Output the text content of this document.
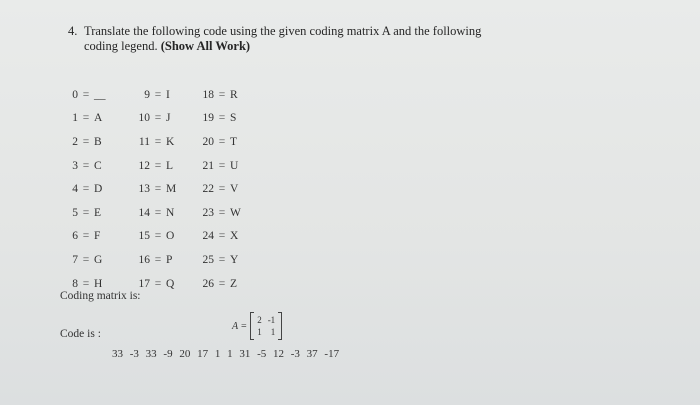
4. Translate the following code using the given coding matrix A and the following
coding legend. (Show All Work)
0 = __
1 = A
2 = B
3 = C
4 = D
5 = E
6 = F
7 = G
8 = H
9 = I
10 = J
11 = K
12 = L
13 = M
14 = N
15 = O
16 = P
17 = Q
18 = R
19 = S
20 = T
21 = U
22 = V
23 = W
24 = X
25 = Y
26 = Z
Coding matrix is:
A =
2	-1
1	1
Code is :
33 -3 33 -9 20 17 1 1 31 -5 12 -3 37 -17
